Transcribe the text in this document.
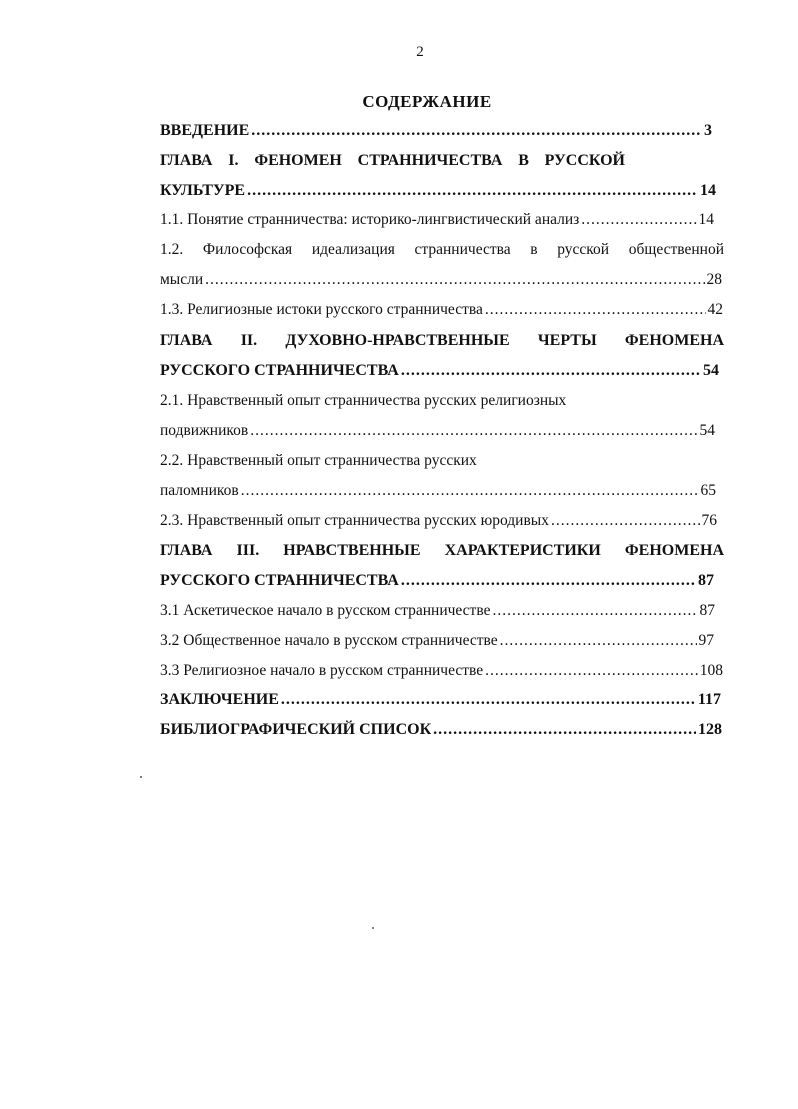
2
СОДЕРЖАНИЕ
ВВЕДЕНИЕ .....	3
ГЛАВА I. ФЕНОМЕН СТРАННИЧЕСТВА В РУССКОЙ
КУЛЬТУРЕ .....	14
1.1. Понятие странничества: историко-лингвистический анализ .....	14
1.2. Философская идеализация странничества в русской общественной
мысли .....	28
1.3. Религиозные истоки русского странничества .....	42
ГЛАВА II. ДУХОВНО-НРАВСТВЕННЫЕ ЧЕРТЫ ФЕНОМЕНА
РУССКОГО СТРАННИЧЕСТВА .....	54
2.1. Нравственный опыт странничества русских религиозных
подвижников .....	54
2.2. Нравственный опыт странничества русских
паломников .....	65
2.3. Нравственный опыт странничества русских юродивых .....	76
ГЛАВА III. НРАВСТВЕННЫЕ ХАРАКТЕРИСТИКИ ФЕНОМЕНА
РУССКОГО СТРАННИЧЕСТВА .....	87
3.1 Аскетическое начало в русском странничестве .....	87
3.2 Общественное начало в русском странничестве .....	97
3.3 Религиозное начало в русском странничестве .....	108
ЗАКЛЮЧЕНИЕ .....	117
БИБЛИОГРАФИЧЕСКИЙ СПИСОК .....	128
